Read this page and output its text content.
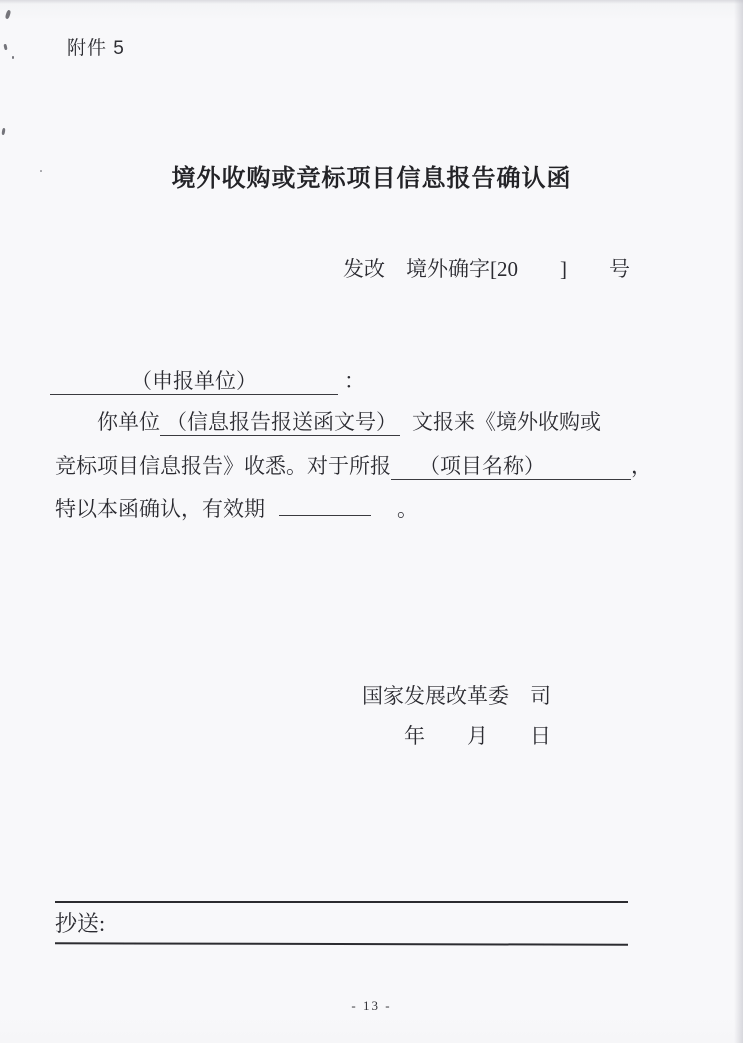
附件 5
境外收购或竞标项目信息报告确认函
发改　境外确字[20　　]　　号
（申报单位）	：
你单位 （信息报告报送函文号） 文报来《境外收购或
竞标项目信息报告》收悉。对于所报 （项目名称）	，
特以本函确认，有效期	。
国家发展改革委　司
年　　月　　日
抄送:
- 13 -
